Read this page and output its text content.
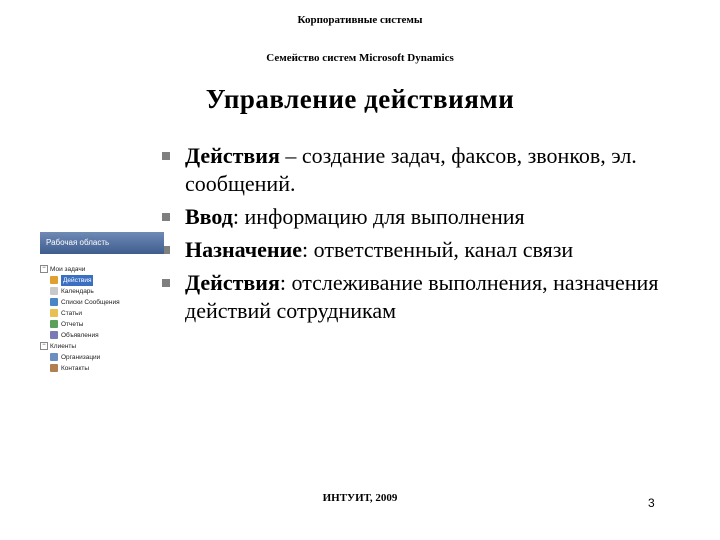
Корпоративные системы
Семейство систем Microsoft Dynamics
Управление действиями
Действия – создание задач, факсов, звонков, эл. сообщений.
Ввод: информацию для выполнения
Назначение: ответственный, канал связи
Действия: отслеживание выполнения, назначения действий сотрудникам
Рабочая область
− Мои задачи
Действия
Календарь
Списки Сообщения
Статьи
Отчеты
Объявления
− Клиенты
Организации
Контакты
ИНТУИТ, 2009	3
